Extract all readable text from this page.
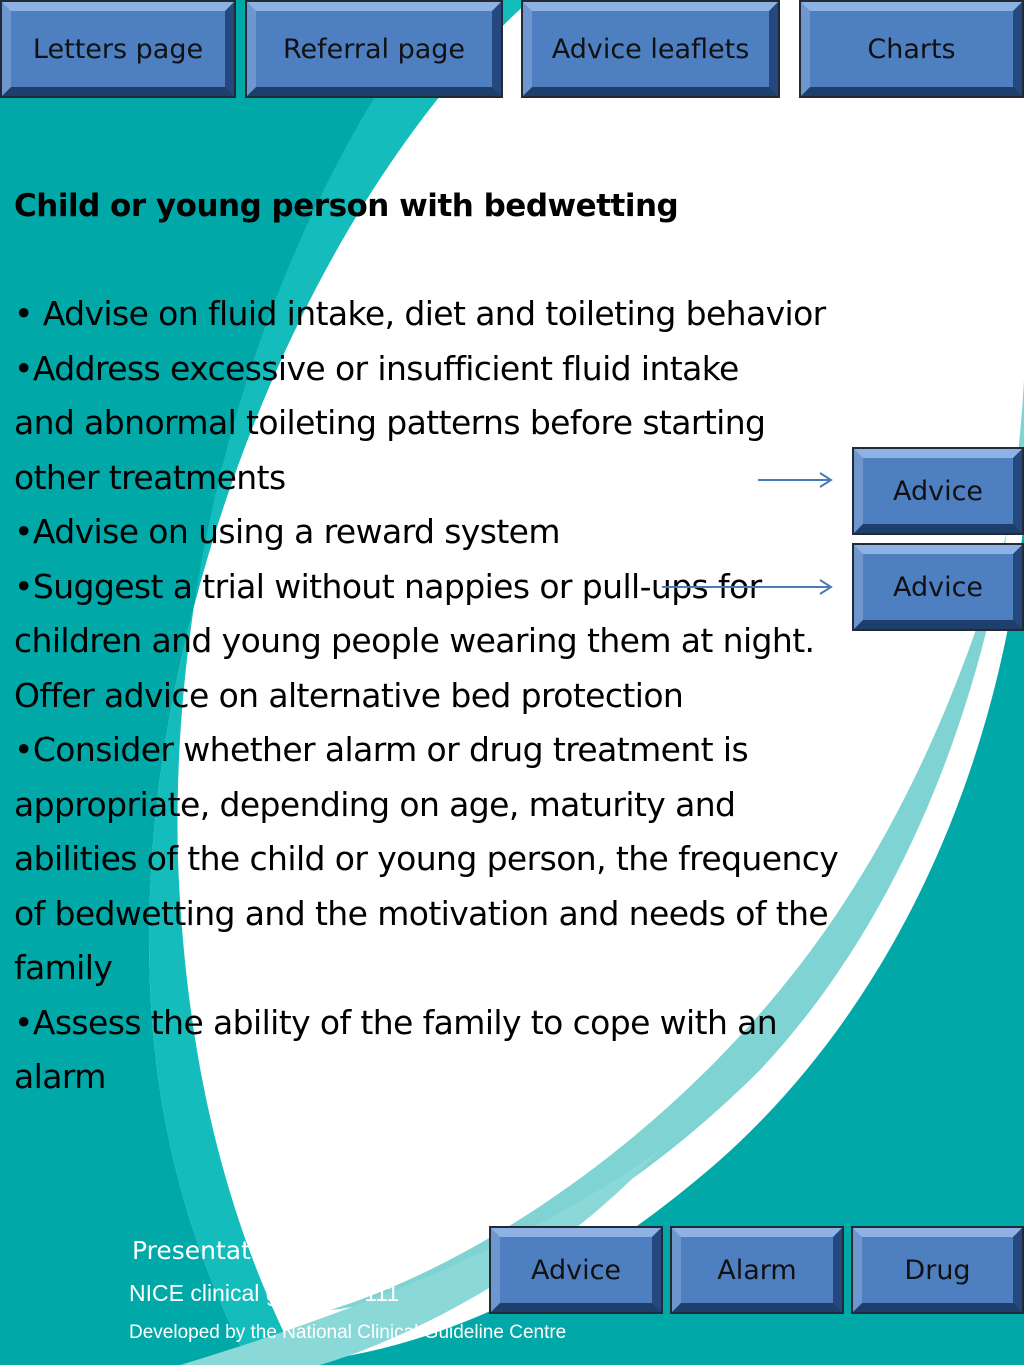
Letters page	Referral page	Advice leaflets	Charts

Child or young person with bedwetting

• Advise on fluid intake, diet and toileting behavior

•Address excessive or insufficient fluid intake and abnormal toileting patterns before starting other treatments

•Advise on using a reward system

•Suggest a trial without nappies or pull-ups for children and young people wearing them at night. Offer advice on alternative bed protection

•Consider whether alarm or drug treatment is appropriate, depending on age, maturity and abilities of the child or young person, the frequency of bedwetting and the motivation and needs of the family

•Assess the ability of the family to cope with an alarm

Advice
Advice
Presentation based upon
NICE clinical guideline 111
Developed by the National Clinical Guideline Centre
Advice	Alarm	Drug
